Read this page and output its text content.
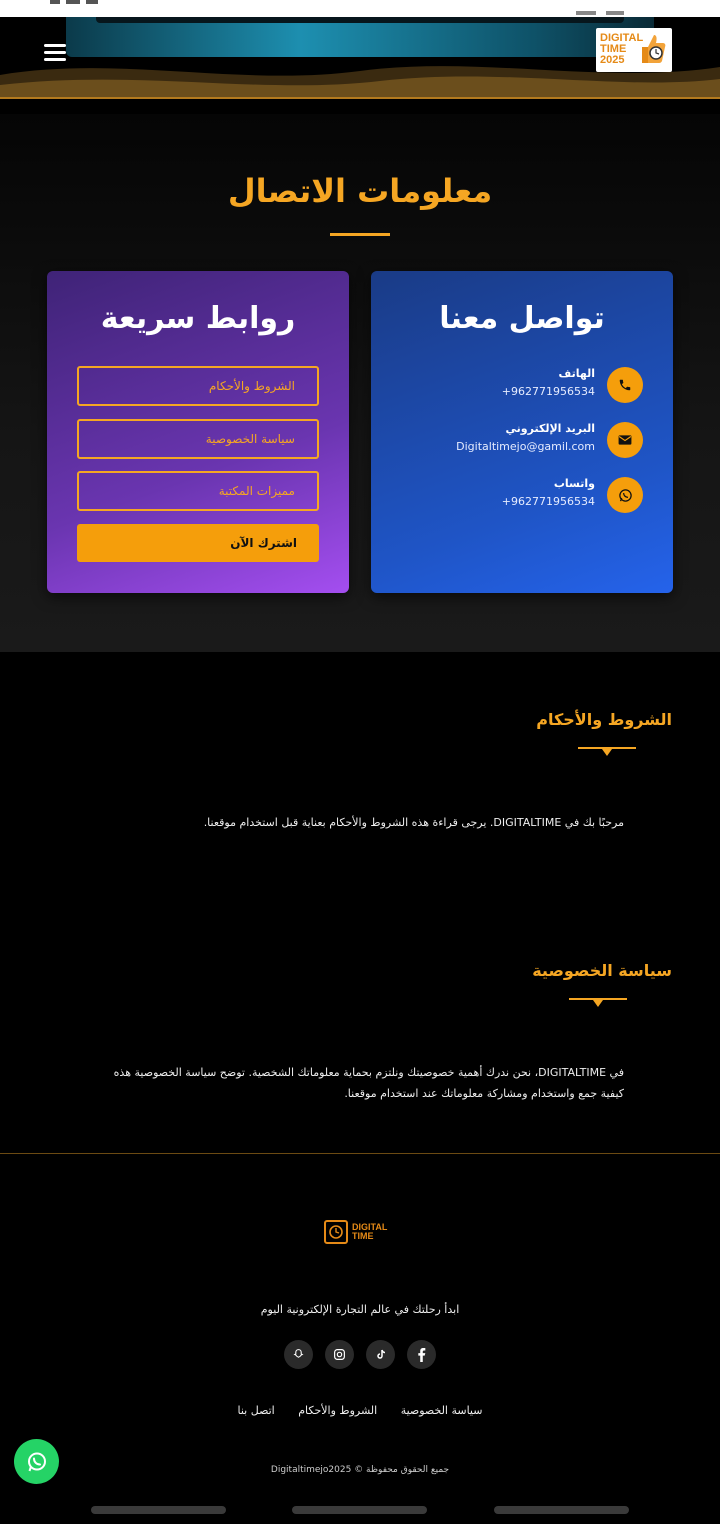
DIGITAL
TIME
2025
معلومات الاتصال
تواصل معنا
الهاتف
+962771956534
البريد الإلكتروني
Digitaltimejo@gamil.com
واتساب
+962771956534
روابط سريعة
الشروط والأحكام
سياسة الخصوصية
مميزات المكتبة
اشترك الآن
الشروط والأحكام
مرحبًا بك في DIGITALTIME. يرجى قراءة هذه الشروط والأحكام بعناية قبل استخدام موقعنا.
سياسة الخصوصية
في DIGITALTIME، نحن ندرك أهمية خصوصيتك ونلتزم بحماية معلوماتك الشخصية. توضح سياسة الخصوصية هذه كيفية جمع واستخدام ومشاركة معلوماتك عند استخدام موقعنا.
DIGITAL
TIME
ابدأ رحلتك في عالم التجارة الإلكترونية اليوم
سياسة الخصوصية الشروط والأحكام اتصل بنا
جميع الحقوق محفوظة © Digitaltimejo2025
